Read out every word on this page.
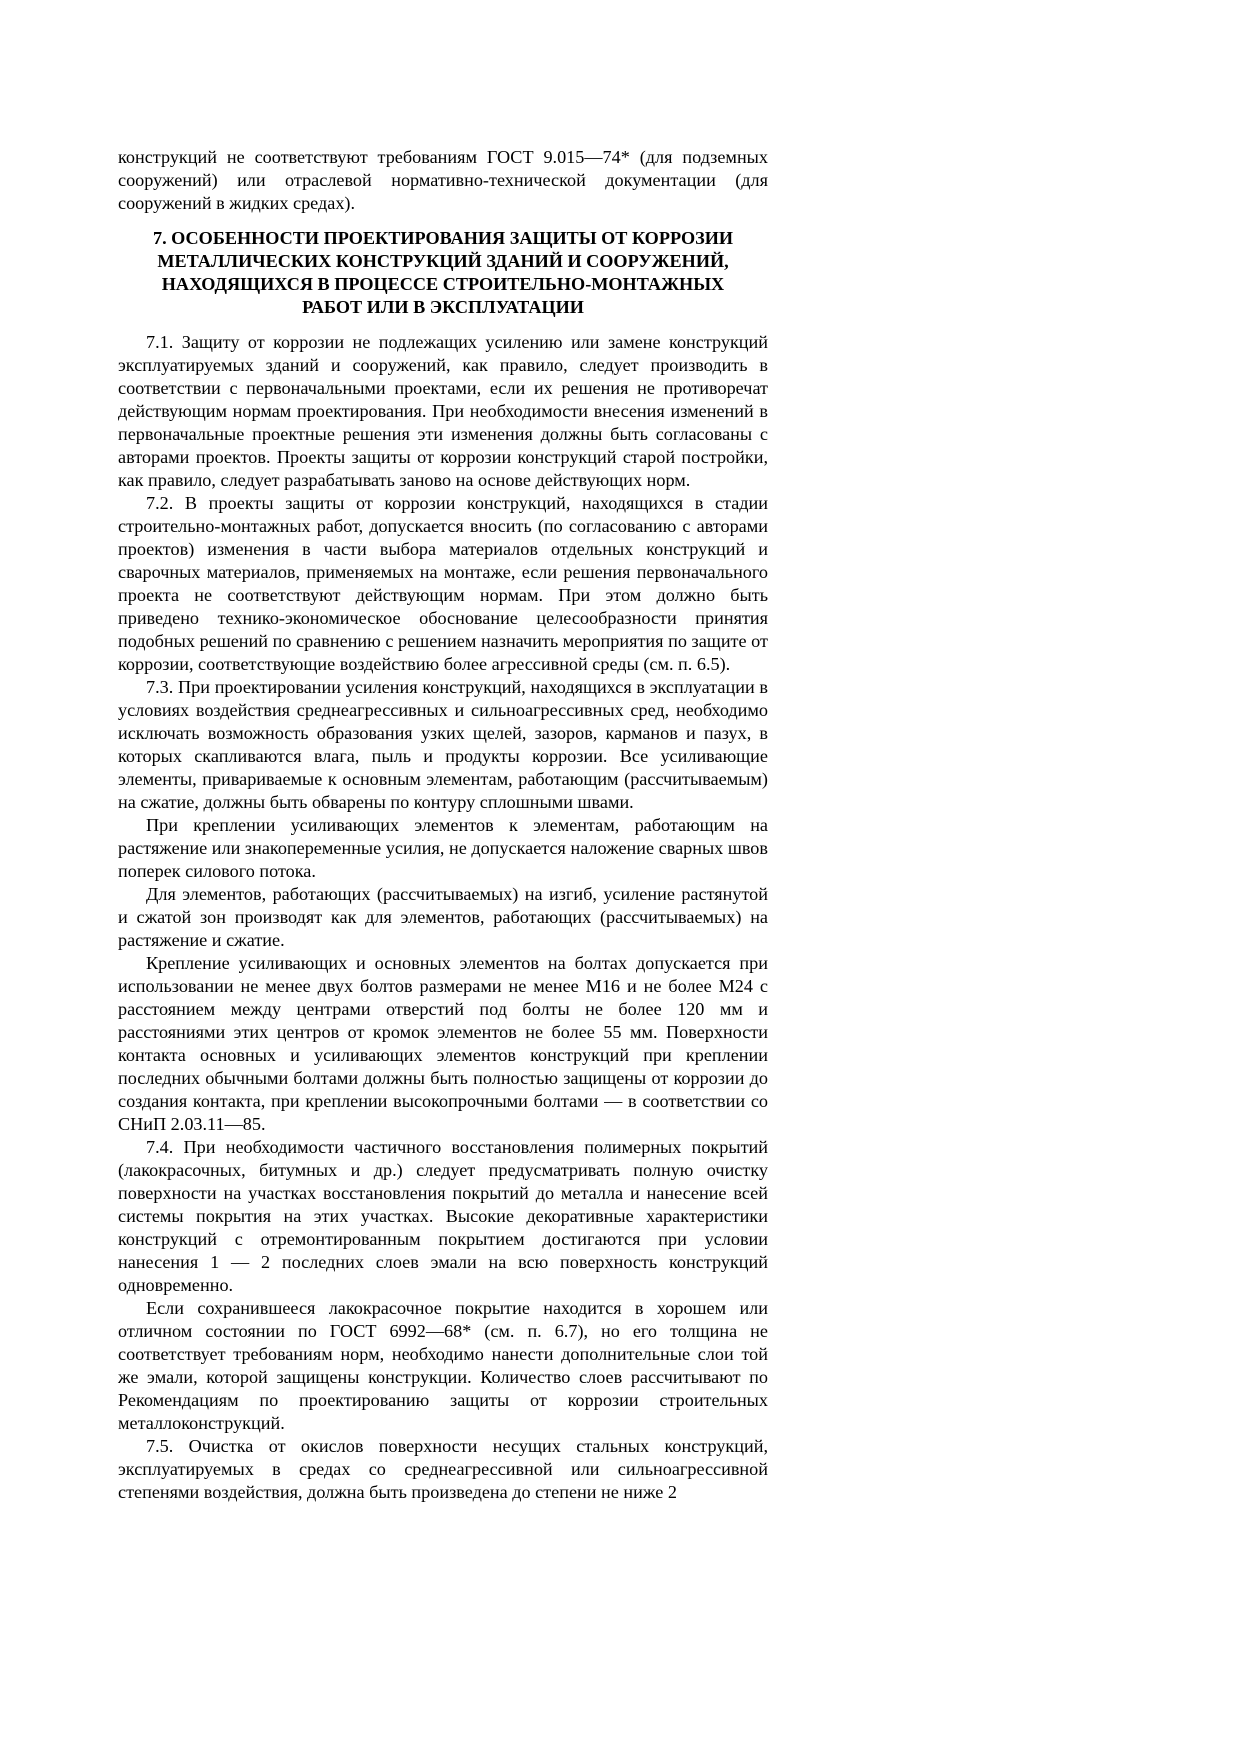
конструкций не соответствуют требованиям ГОСТ 9.015—74* (для подземных сооружений) или отраслевой нормативно-технической документации (для сооружений в жидких средах).

7. ОСОБЕННОСТИ ПРОЕКТИРОВАНИЯ ЗАЩИТЫ ОТ КОРРОЗИИ МЕТАЛЛИЧЕСКИХ КОНСТРУКЦИЙ ЗДАНИЙ И СООРУЖЕНИЙ, НАХОДЯЩИХСЯ В ПРОЦЕССЕ СТРОИТЕЛЬНО-МОНТАЖНЫХ РАБОТ ИЛИ В ЭКСПЛУАТАЦИИ

7.1. Защиту от коррозии не подлежащих усилению или замене конструкций эксплуатируемых зданий и сооружений, как правило, следует производить в соответствии с первоначальными проектами, если их решения не противоречат действующим нормам проектирования. При необходимости внесения изменений в первоначальные проектные решения эти изменения должны быть согласованы с авторами проектов. Проекты защиты от коррозии конструкций старой постройки, как правило, следует разрабатывать заново на основе действующих норм.

7.2. В проекты защиты от коррозии конструкций, находящихся в стадии строительно-монтажных работ, допускается вносить (по согласованию с авторами проектов) изменения в части выбора материалов отдельных конструкций и сварочных материалов, применяемых на монтаже, если решения первоначального проекта не соответствуют действующим нормам. При этом должно быть приведено технико-экономическое обоснование целесообразности принятия подобных решений по сравнению с решением назначить мероприятия по защите от коррозии, соответствующие воздействию более агрессивной среды (см. п. 6.5).

7.3. При проектировании усиления конструкций, находящихся в эксплуатации в условиях воздействия среднеагрессивных и сильноагрессивных сред, необходимо исключать возможность образования узких щелей, зазоров, карманов и пазух, в которых скапливаются влага, пыль и продукты коррозии. Все усиливающие элементы, привариваемые к основным элементам, работающим (рассчитываемым) на сжатие, должны быть обварены по контуру сплошными швами.

При креплении усиливающих элементов к элементам, работающим на растяжение или знакопеременные усилия, не допускается наложение сварных швов поперек силового потока.

Для элементов, работающих (рассчитываемых) на изгиб, усиление растянутой и сжатой зон производят как для элементов, работающих (рассчитываемых) на растяжение и сжатие.

Крепление усиливающих и основных элементов на болтах допускается при использовании не менее двух болтов размерами не менее М16 и не более М24 с расстоянием между центрами отверстий под болты не более 120 мм и расстояниями этих центров от кромок элементов не более 55 мм. Поверхности контакта основных и усиливающих элементов конструкций при креплении последних обычными болтами должны быть полностью защищены от коррозии до создания контакта, при креплении высокопрочными болтами — в соответствии со СНиП 2.03.11—85.

7.4. При необходимости частичного восстановления полимерных покрытий (лакокрасочных, битумных и др.) следует предусматривать полную очистку поверхности на участках восстановления покрытий до металла и нанесение всей системы покрытия на этих участках. Высокие декоративные характеристики конструкций с отремонтированным покрытием достигаются при условии нанесения 1 — 2 последних слоев эмали на всю поверхность конструкций одновременно.

Если сохранившееся лакокрасочное покрытие находится в хорошем или отличном состоянии по ГОСТ 6992—68* (см. п. 6.7), но его толщина не соответствует требованиям норм, необходимо нанести дополнительные слои той же эмали, которой защищены конструкции. Количество слоев рассчитывают по Рекомендациям по проектированию защиты от коррозии строительных металлоконструкций.

7.5. Очистка от окислов поверхности несущих стальных конструкций, эксплуатируемых в средах со среднеагрессивной или сильноагрессивной степенями воздействия, должна быть произведена до степени не ниже 2
